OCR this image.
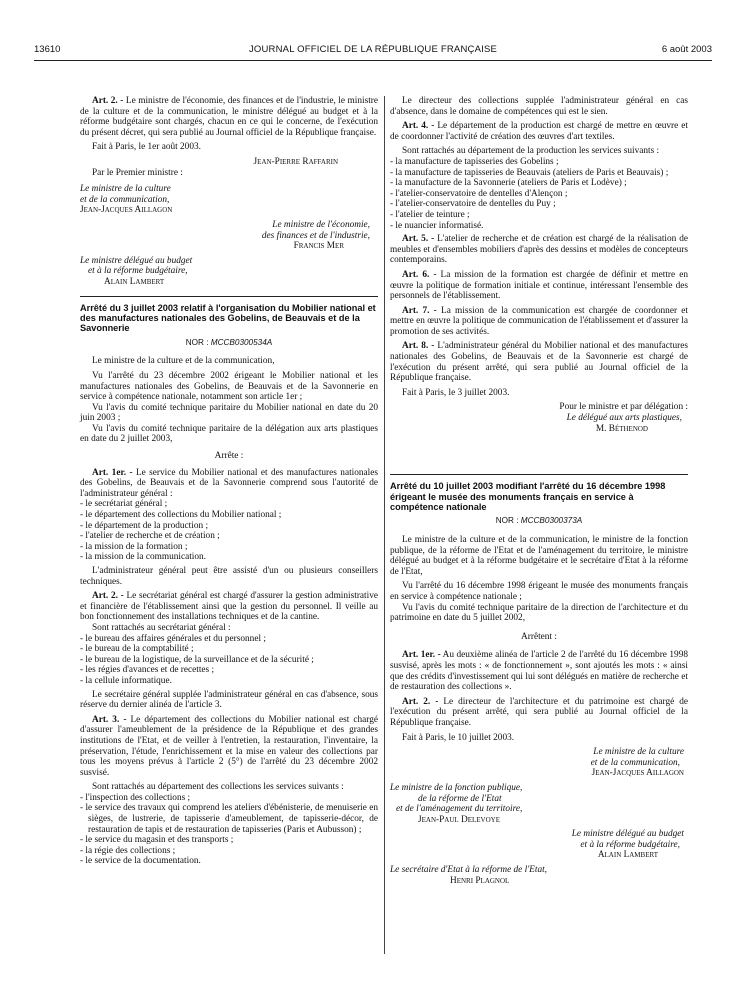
13610	JOURNAL OFFICIEL DE LA RÉPUBLIQUE FRANÇAISE	6 août 2003

Art. 2. - Le ministre de l'économie, des finances et de l'industrie, le ministre de la culture et de la communication, le ministre délégué au budget et à la réforme budgétaire sont chargés, chacun en ce qui le concerne, de l'exécution du présent décret, qui sera publié au Journal officiel de la République française.

Fait à Paris, le 1er août 2003.

Jean-Pierre Raffarin

Par le Premier ministre :

Le ministre de la culture

et de la communication,

Jean-Jacques Aillagon

Le ministre de l'économie,

des finances et de l'industrie,

Francis Mer

Le ministre délégué au budget

et à la réforme budgétaire,

Alain Lambert

Arrêté du 3 juillet 2003 relatif à l'organisation du Mobilier national et des manufactures nationales des Gobelins, de Beauvais et de la Savonnerie

NOR : MCCB0300534A

Le ministre de la culture et de la communication,

Vu l'arrêté du 23 décembre 2002 érigeant le Mobilier national et les manufactures nationales des Gobelins, de Beauvais et de la Savonnerie en service à compétence nationale, notamment son article 1er ;

Vu l'avis du comité technique paritaire du Mobilier national en date du 20 juin 2003 ;

Vu l'avis du comité technique paritaire de la délégation aux arts plastiques en date du 2 juillet 2003,

Arrête :

Art. 1er. - Le service du Mobilier national et des manufactures nationales des Gobelins, de Beauvais et de la Savonnerie comprend sous l'autorité de l'administrateur général :

- le secrétariat général ;
- le département des collections du Mobilier national ;
- le département de la production ;
- l'atelier de recherche et de création ;
- la mission de la formation ;
- la mission de la communication.

L'administrateur général peut être assisté d'un ou plusieurs conseillers techniques.

Art. 2. - Le secrétariat général est chargé d'assurer la gestion administrative et financière de l'établissement ainsi que la gestion du personnel. Il veille au bon fonctionnement des installations techniques et de la cantine.

Sont rattachés au secrétariat général :

- le bureau des affaires générales et du personnel ;
- le bureau de la comptabilité ;
- le bureau de la logistique, de la surveillance et de la sécurité ;
- les régies d'avances et de recettes ;
- la cellule informatique.

Le secrétaire général supplée l'administrateur général en cas d'absence, sous réserve du dernier alinéa de l'article 3.

Art. 3. - Le département des collections du Mobilier national est chargé d'assurer l'ameublement de la présidence de la République et des grandes institutions de l'Etat, et de veiller à l'entretien, la restauration, l'inventaire, la préservation, l'étude, l'enrichissement et la mise en valeur des collections par tous les moyens prévus à l'article 2 (5°) de l'arrêté du 23 décembre 2002 susvisé.

Sont rattachés au département des collections les services suivants :

- l'inspection des collections ;
- le service des travaux qui comprend les ateliers d'ébénisterie, de menuiserie en sièges, de lustrerie, de tapisserie d'ameublement, de tapisserie-décor, de restauration de tapis et de restauration de tapisseries (Paris et Aubusson) ;
- le service du magasin et des transports ;
- la régie des collections ;
- le service de la documentation.

Le directeur des collections supplée l'administrateur général en cas d'absence, dans le domaine de compétences qui est le sien.

Art. 4. - Le département de la production est chargé de mettre en œuvre et de coordonner l'activité de création des œuvres d'art textiles.

Sont rattachés au département de la production les services suivants :

- la manufacture de tapisseries des Gobelins ;
- la manufacture de tapisseries de Beauvais (ateliers de Paris et Beauvais) ;
- la manufacture de la Savonnerie (ateliers de Paris et Lodève) ;
- l'atelier-conservatoire de dentelles d'Alençon ;
- l'atelier-conservatoire de dentelles du Puy ;
- l'atelier de teinture ;
- le nuancier informatisé.

Art. 5. - L'atelier de recherche et de création est chargé de la réalisation de meubles et d'ensembles mobiliers d'après des dessins et modèles de concepteurs contemporains.

Art. 6. - La mission de la formation est chargée de définir et mettre en œuvre la politique de formation initiale et continue, intéressant l'ensemble des personnels de l'établissement.

Art. 7. - La mission de la communication est chargée de coordonner et mettre en œuvre la politique de communication de l'établissement et d'assurer la promotion de ses activités.

Art. 8. - L'administrateur général du Mobilier national et des manufactures nationales des Gobelins, de Beauvais et de la Savonnerie est chargé de l'exécution du présent arrêté, qui sera publié au Journal officiel de la République française.

Fait à Paris, le 3 juillet 2003.

Pour le ministre et par délégation :

Le délégué aux arts plastiques,

M. Béthenod

Arrêté du 10 juillet 2003 modifiant l'arrêté du 16 décembre 1998 érigeant le musée des monuments français en service à compétence nationale

NOR : MCCB0300373A

Le ministre de la culture et de la communication, le ministre de la fonction publique, de la réforme de l'Etat et de l'aménagement du territoire, le ministre délégué au budget et à la réforme budgétaire et le secrétaire d'Etat à la réforme de l'Etat,

Vu l'arrêté du 16 décembre 1998 érigeant le musée des monuments français en service à compétence nationale ;

Vu l'avis du comité technique paritaire de la direction de l'architecture et du patrimoine en date du 5 juillet 2002,

Arrêtent :

Art. 1er. - Au deuxième alinéa de l'article 2 de l'arrêté du 16 décembre 1998 susvisé, après les mots : « de fonctionnement », sont ajoutés les mots : « ainsi que des crédits d'investissement qui lui sont délégués en matière de recherche et de restauration des collections ».

Art. 2. - Le directeur de l'architecture et du patrimoine est chargé de l'exécution du présent arrêté, qui sera publié au Journal officiel de la République française.

Fait à Paris, le 10 juillet 2003.

Le ministre de la culture

et de la communication,

Jean-Jacques Aillagon

Le ministre de la fonction publique,

de la réforme de l'Etat

et de l'aménagement du territoire,

Jean-Paul Delevoye

Le ministre délégué au budget

et à la réforme budgétaire,

Alain Lambert

Le secrétaire d'Etat à la réforme de l'Etat,

Henri Plagnol
